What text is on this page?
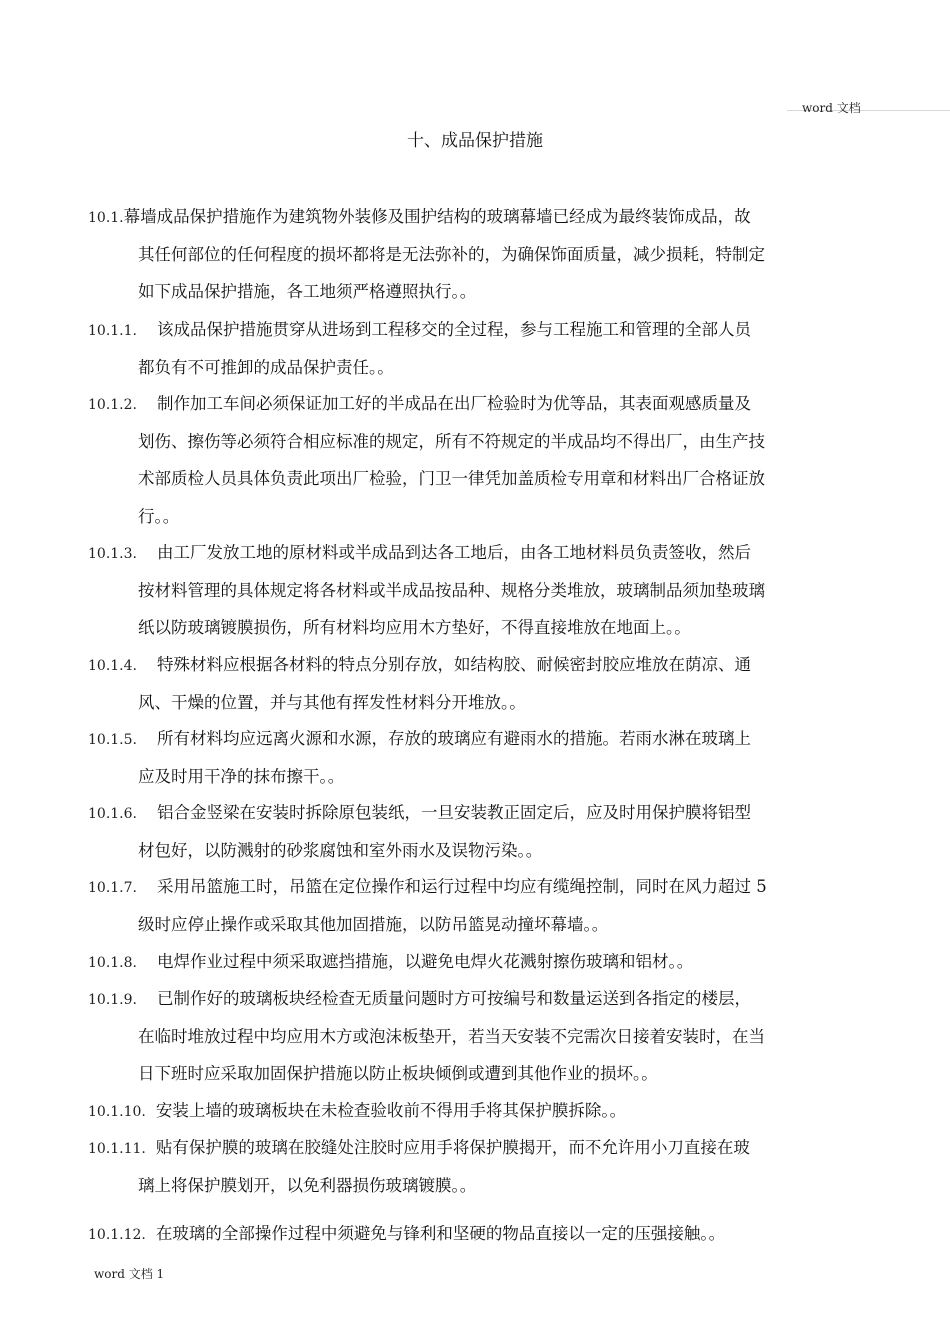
word 文档
十、成品保护措施
10.1.幕墙成品保护措施作为建筑物外装修及围护结构的玻璃幕墙已经成为最终装饰成品，故
其任何部位的任何程度的损坏都将是无法弥补的，为确保饰面质量，减少损耗，特制定
如下成品保护措施，各工地须严格遵照执行。。
10.1.1. 该成品保护措施贯穿从进场到工程移交的全过程，参与工程施工和管理的全部人员
都负有不可推卸的成品保护责任。。
10.1.2. 制作加工车间必须保证加工好的半成品在出厂检验时为优等品，其表面观感质量及
划伤、擦伤等必须符合相应标准的规定，所有不符规定的半成品均不得出厂，由生产技
术部质检人员具体负责此项出厂检验，门卫一律凭加盖质检专用章和材料出厂合格证放
行。。
10.1.3. 由工厂发放工地的原材料或半成品到达各工地后，由各工地材料员负责签收，然后
按材料管理的具体规定将各材料或半成品按品种、规格分类堆放，玻璃制品须加垫玻璃
纸以防玻璃镀膜损伤，所有材料均应用木方垫好，不得直接堆放在地面上。。
10.1.4. 特殊材料应根据各材料的特点分别存放，如结构胶、耐候密封胶应堆放在荫凉、通
风、干燥的位置，并与其他有挥发性材料分开堆放。。
10.1.5. 所有材料均应远离火源和水源，存放的玻璃应有避雨水的措施。若雨水淋在玻璃上
应及时用干净的抹布擦干。。
10.1.6. 铝合金竖梁在安装时拆除原包装纸，一旦安装教正固定后，应及时用保护膜将铝型
材包好，以防溅射的砂浆腐蚀和室外雨水及误物污染。。
10.1.7. 采用吊篮施工时，吊篮在定位操作和运行过程中均应有缆绳控制，同时在风力超过 5
级时应停止操作或采取其他加固措施，以防吊篮晃动撞坏幕墙。。
10.1.8. 电焊作业过程中须采取遮挡措施，以避免电焊火花溅射擦伤玻璃和铝材。。
10.1.9. 已制作好的玻璃板块经检查无质量问题时方可按编号和数量运送到各指定的楼层，
在临时堆放过程中均应用木方或泡沫板垫开，若当天安装不完需次日接着安装时，在当
日下班时应采取加固保护措施以防止板块倾倒或遭到其他作业的损坏。。
10.1.10. 安装上墙的玻璃板块在未检查验收前不得用手将其保护膜拆除。。
10.1.11. 贴有保护膜的玻璃在胶缝处注胶时应用手将保护膜揭开，而不允许用小刀直接在玻
璃上将保护膜划开，以免利器损伤玻璃镀膜。。
10.1.12. 在玻璃的全部操作过程中须避免与锋利和坚硬的物品直接以一定的压强接触。。
word 文档 1
